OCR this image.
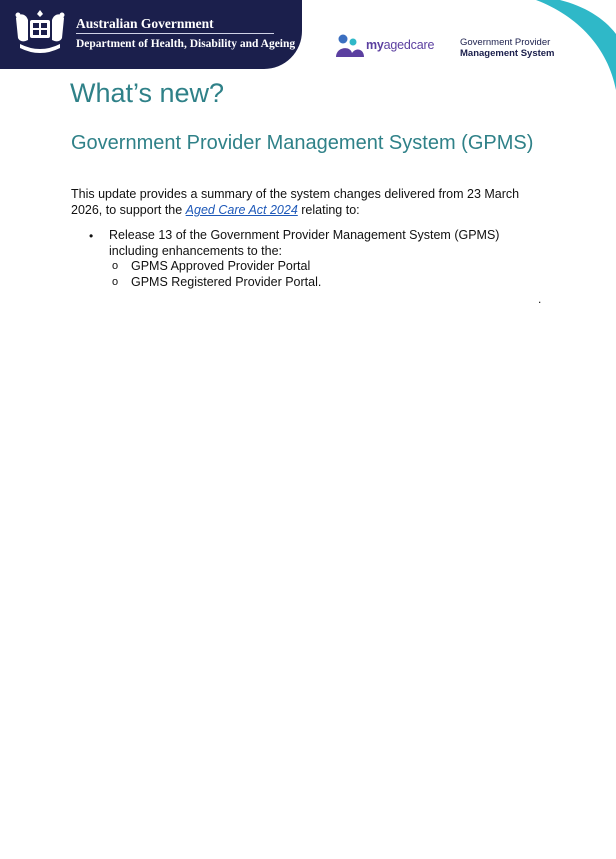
Australian Government
Department of Health, Disability and Ageing	myagedcare	Government Provider
Management System
What’s new?
Government Provider Management System (GPMS)

This update provides a summary of the system changes delivered from 23 March 2026, to support the Aged Care Act 2024 relating to:

• Release 13 of the Government Provider Management System (GPMS) including enhancements to the:
o GPMS Approved Provider Portal
o GPMS Registered Provider Portal.
.
